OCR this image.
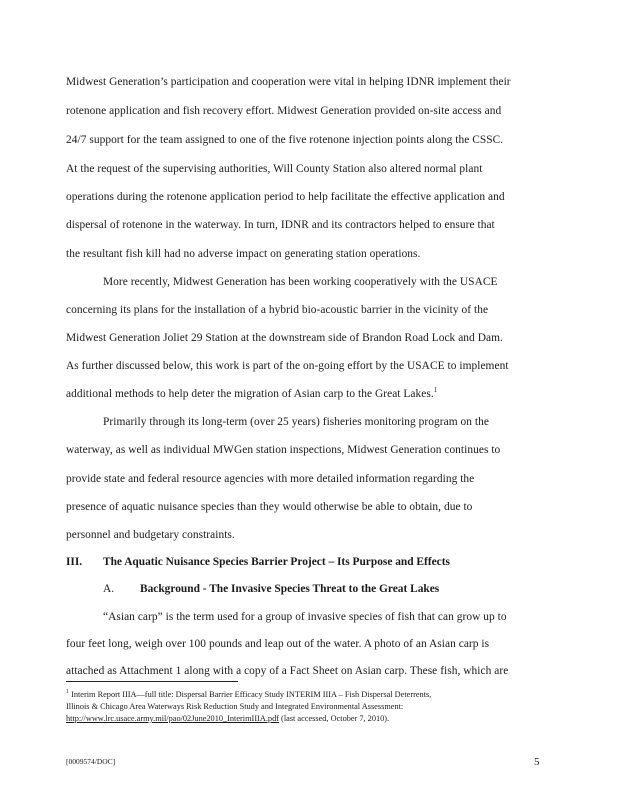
Midwest Generation’s participation and cooperation were vital in helping IDNR implement their
rotenone application and fish recovery effort. Midwest Generation provided on-site access and
24/7 support for the team assigned to one of the five rotenone injection points along the CSSC.
At the request of the supervising authorities, Will County Station also altered normal plant
operations during the rotenone application period to help facilitate the effective application and
dispersal of rotenone in the waterway. In turn, IDNR and its contractors helped to ensure that
the resultant fish kill had no adverse impact on generating station operations.
More recently, Midwest Generation has been working cooperatively with the USACE
concerning its plans for the installation of a hybrid bio-acoustic barrier in the vicinity of the
Midwest Generation Joliet 29 Station at the downstream side of Brandon Road Lock and Dam.
As further discussed below, this work is part of the on-going effort by the USACE to implement
additional methods to help deter the migration of Asian carp to the Great Lakes.$^1$
Primarily through its long-term (over 25 years) fisheries monitoring program on the
waterway, as well as individual MWGen station inspections, Midwest Generation continues to
provide state and federal resource agencies with more detailed information regarding the
presence of aquatic nuisance species than they would otherwise be able to obtain, due to
personnel and budgetary constraints.
III. The Aquatic Nuisance Species Barrier Project – Its Purpose and Effects
A. Background - The Invasive Species Threat to the Great Lakes
“Asian carp” is the term used for a group of invasive species of fish that can grow up to
four feet long, weigh over 100 pounds and leap out of the water. A photo of an Asian carp is
attached as Attachment 1 along with a copy of a Fact Sheet on Asian carp. These fish, which are
$^1$ Interim Report IIIA—full title: Dispersal Barrier Efficacy Study INTERIM IIIA – Fish Dispersal Deterrents,
Illinois & Chicago Area Waterways Risk Reduction Study and Integrated Environmental Assessment:
http://www.lrc.usace.army.mil/pao/02June2010_InterimIIIA.pdf (last accessed, October 7, 2010).
[0009574/DOC]	5
